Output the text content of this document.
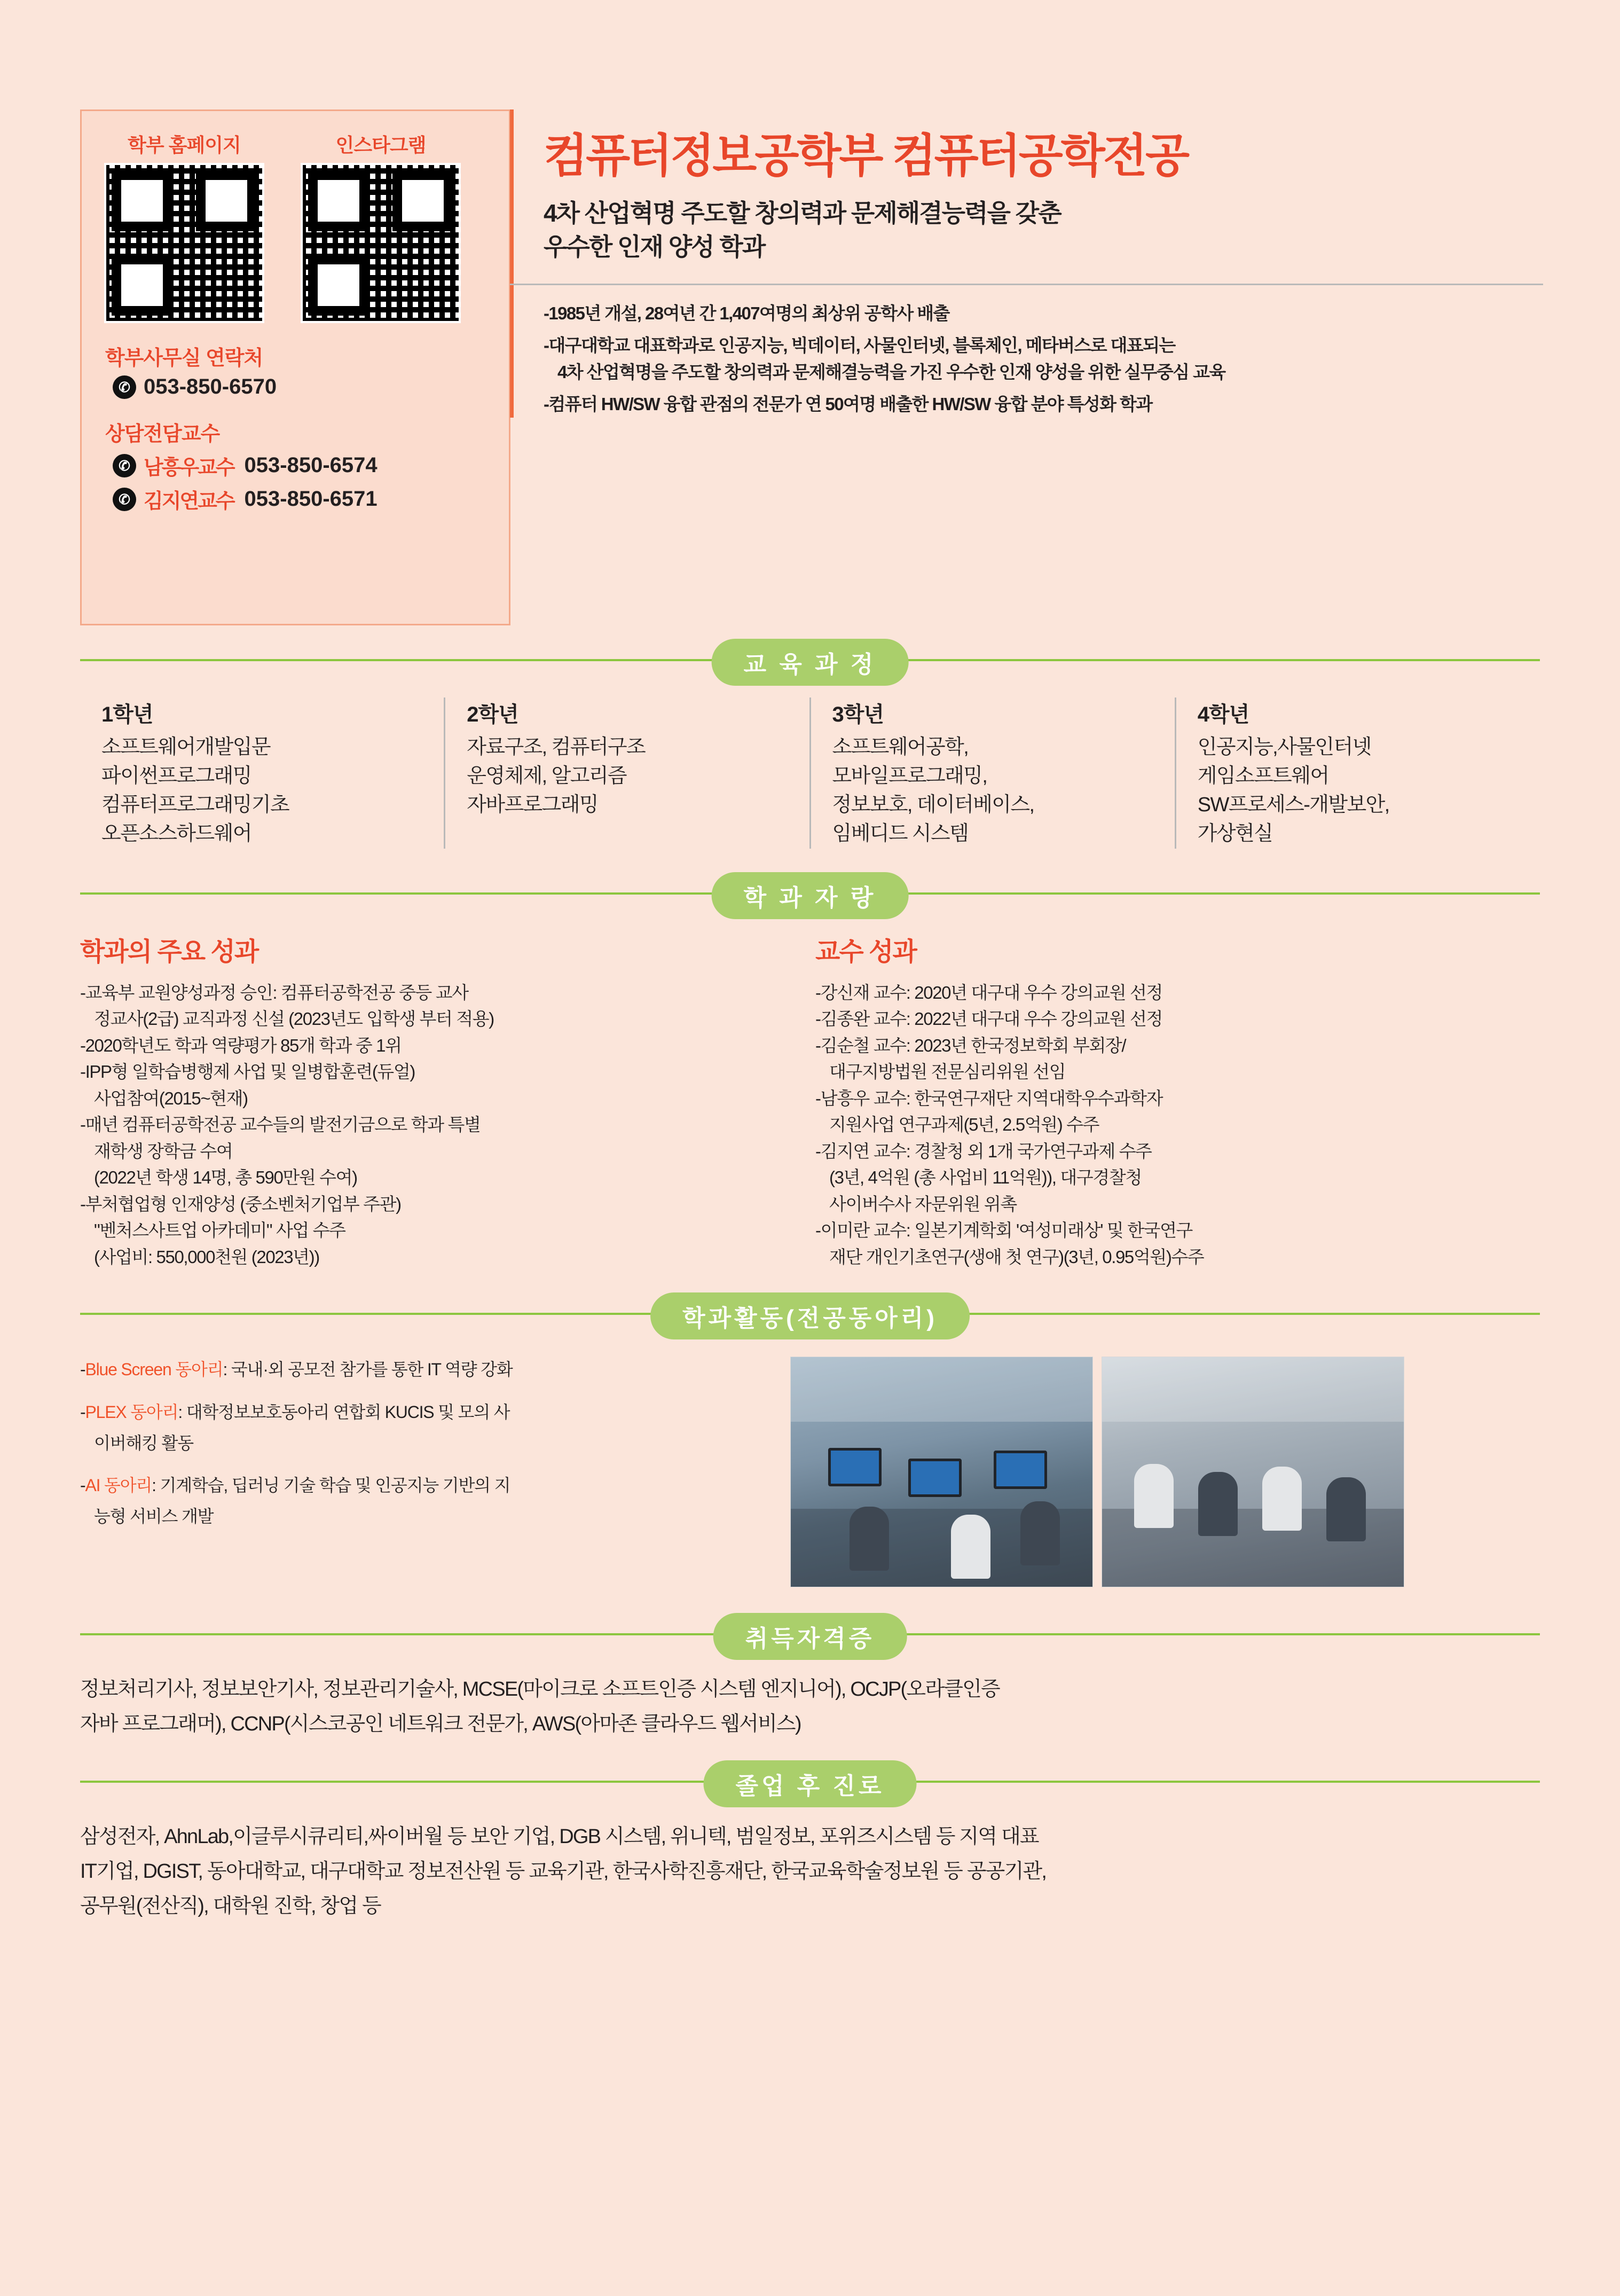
학부 홈페이지	인스타그램
학부사무실 연락처
✆ 053-850-6570
상담전담교수
✆ 남흥우교수 053-850-6574
✆ 김지연교수 053-850-6571
컴퓨터정보공학부 컴퓨터공학전공
4차 산업혁명 주도할 창의력과 문제해결능력을 갖춘
우수한 인재 양성 학과

-1985년 개설, 28여년 간 1,407여명의 최상위 공학사 배출

-대구대학교 대표학과로 인공지능, 빅데이터, 사물인터넷, 블록체인, 메타버스로 대표되는
4차 산업혁명을 주도할 창의력과 문제해결능력을 가진 우수한 인재 양성을 위한 실무중심 교육

-컴퓨터 HW/SW 융합 관점의 전문가 연 50여명 배출한 HW/SW 융합 분야 특성화 학과

교 육 과 정
1학년
소프트웨어개발입문
파이썬프로그래밍
컴퓨터프로그래밍기초
오픈소스하드웨어
2학년
자료구조, 컴퓨터구조
운영체제, 알고리즘
자바프로그래밍
3학년
소프트웨어공학,
모바일프로그래밍,
정보보호, 데이터베이스,
임베디드 시스템
4학년
인공지능,사물인터넷
게임소프트웨어
SW프로세스-개발보안,
가상현실
학 과 자 랑
학과의 주요 성과
-교육부 교원양성과정 승인: 컴퓨터공학전공 중등 교사
정교사(2급) 교직과정 신설 (2023년도 입학생 부터 적용)
-2020학년도 학과 역량평가 85개 학과 중 1위
-IPP형 일학습병행제 사업 및 일병합훈련(듀얼)
사업참여(2015~현재)
-매년 컴퓨터공학전공 교수들의 발전기금으로 학과 특별
재학생 장학금 수여
(2022년 학생 14명, 총 590만원 수여)
-부처협업형 인재양성 (중소벤처기업부 주관)
"벤처스사트업 아카데미" 사업 수주
(사업비: 550,000천원 (2023년))
교수 성과
-강신재 교수: 2020년 대구대 우수 강의교원 선정
-김종완 교수: 2022년 대구대 우수 강의교원 선정
-김순철 교수: 2023년 한국정보학회 부회장/
대구지방법원 전문심리위원 선임
-남흥우 교수: 한국연구재단 지역대학우수과학자
지원사업 연구과제(5년, 2.5억원) 수주
-김지연 교수: 경찰청 외 1개 국가연구과제 수주
(3년, 4억원 (총 사업비 11억원)), 대구경찰청
사이버수사 자문위원 위촉
-이미란 교수: 일본기계학회 '여성미래상' 및 한국연구
재단 개인기초연구(생애 첫 연구)(3년, 0.95억원)수주
학과활동(전공동아리)
-Blue Screen 동아리: 국내·외 공모전 참가를 통한 IT 역량 강화
-PLEX 동아리: 대학정보보호동아리 연합회 KUCIS 및 모의 사
이버해킹 활동
-AI 동아리: 기계학습, 딥러닝 기술 학습 및 인공지능 기반의 지
능형 서비스 개발
취득자격증

정보처리기사, 정보보안기사, 정보관리기술사, MCSE(마이크로 소프트인증 시스템 엔지니어), OCJP(오라클인증

자바 프로그래머), CCNP(시스코공인 네트워크 전문가, AWS(아마존 클라우드 웹서비스)

졸업 후 진로

삼성전자, AhnLab,이글루시큐리티,싸이버월 등 보안 기업, DGB 시스템, 위니텍, 범일정보, 포위즈시스템 등 지역 대표

IT기업, DGIST, 동아대학교, 대구대학교 정보전산원 등 교육기관, 한국사학진흥재단, 한국교육학술정보원 등 공공기관,

공무원(전산직), 대학원 진학, 창업 등
